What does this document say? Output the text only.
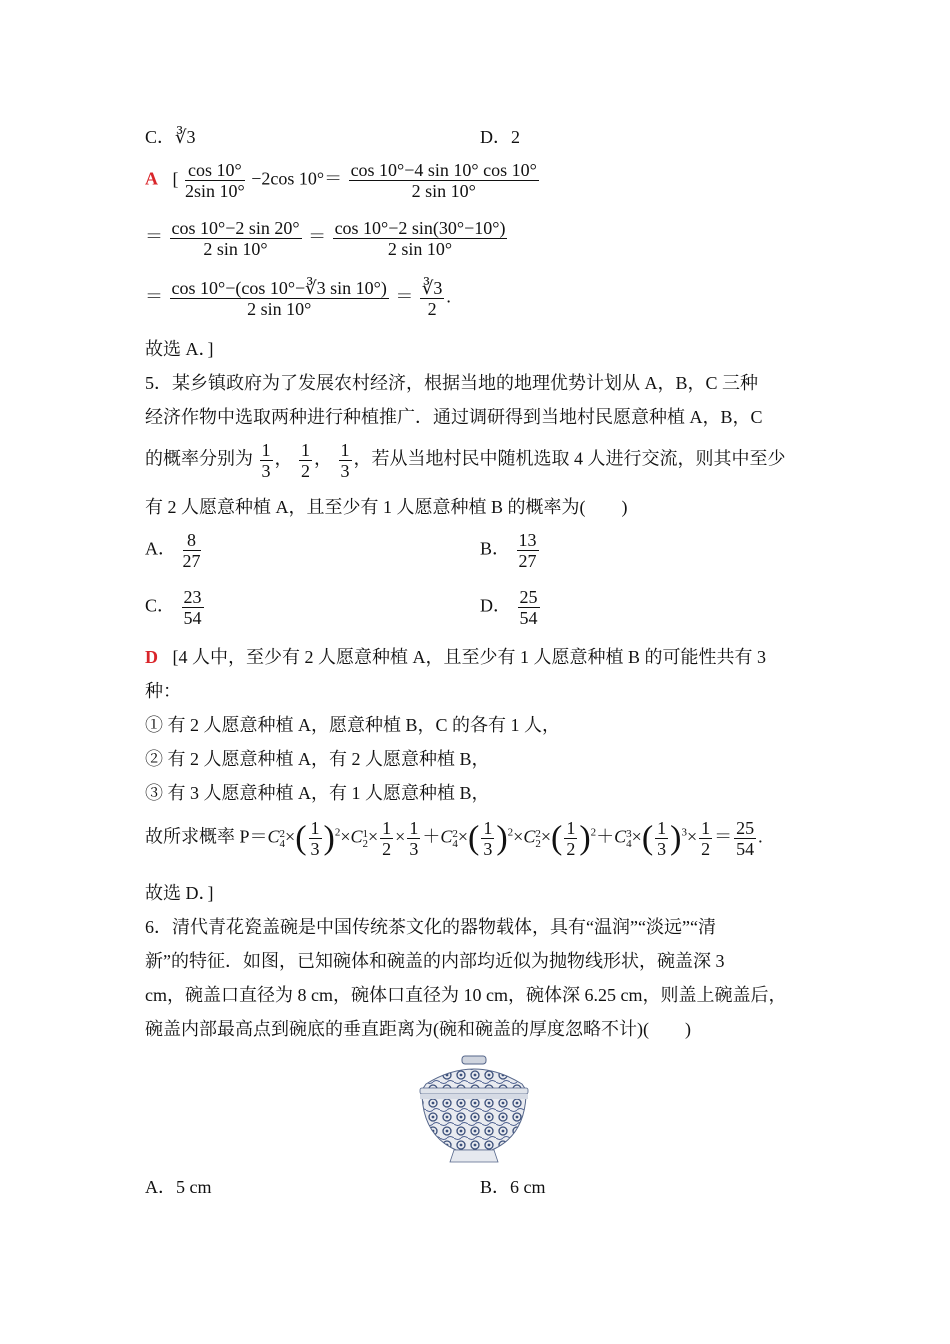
C．∛3	D．2
A [ $\frac{\cos 10^\circ}{2\sin 10^\circ} -2\cos$ $10^\circ= \frac{\cos 10^\circ-4 \sin 10^\circ \cos 10^\circ}{2 \sin 10^\circ}$
＝ $\frac{\cos 10^\circ-2 \sin 20^\circ}{2 \sin 10^\circ} = \frac{\cos 10^\circ-2 \sin(30^\circ-10^\circ)}{2 \sin 10^\circ}$
＝ $\frac{\cos 10^\circ-(\cos 10^\circ-∛3 \sin 10^\circ)}{2 \sin 10^\circ} = \frac{∛3}{2}$ .
故选 A．]
5．某乡镇政府为了发展农村经济，根据当地的地理优势计划从 A，B，C 三种
经济作物中选取两种进行种植推广．通过调研得到当地村民愿意种植 A，B，C
的概率分别为 $\frac{1}{3}$ ， $\frac{1}{2}$ ， $\frac{1}{3}$ ，若从当地村民中随机选取 4 人进行交流，则其中至少
有 2 人愿意种植 A，且至少有 1 人愿意种植 B 的概率为(　　)
A． $\frac{8}{27}$	B． $\frac{13}{27}$
C． $\frac{23}{54}$	D． $\frac{25}{54}$
D [4 人中，至少有 2 人愿意种植 A，且至少有 1 人愿意种植 B 的可能性共有 3
种：
① 有 2 人愿意种植 A，愿意种植 B，C 的各有 1 人，
② 有 2 人愿意种植 A，有 2 人愿意种植 B，
③ 有 3 人愿意种植 A，有 1 人愿意种植 B，
故所求概率 P＝C2
$4\times( \frac{1}{3} )^2\times C1$
$2\times \frac{1}{2} \times \frac{1}{3} +C2$
$4\times( \frac{1}{3} )^2\times C2$
$2\times( \frac{1}{2} )^2+C3$
$4\times( \frac{1}{3} )^3\times \frac{1}{2} = \frac{25}{54}$ .
故选 D．]
6．清代青花瓷盖碗是中国传统茶文化的器物载体，具有“温润”“淡远”“清
新”的特征．如图，已知碗体和碗盖的内部均近似为抛物线形状，碗盖深 3
cm，碗盖口直径为 8 cm，碗体口直径为 10 cm，碗体深 6.25 cm，则盖上碗盖后，
碗盖内部最高点到碗底的垂直距离为(碗和碗盖的厚度忽略不计)(　　)
A．5 cm	B．6 cm
